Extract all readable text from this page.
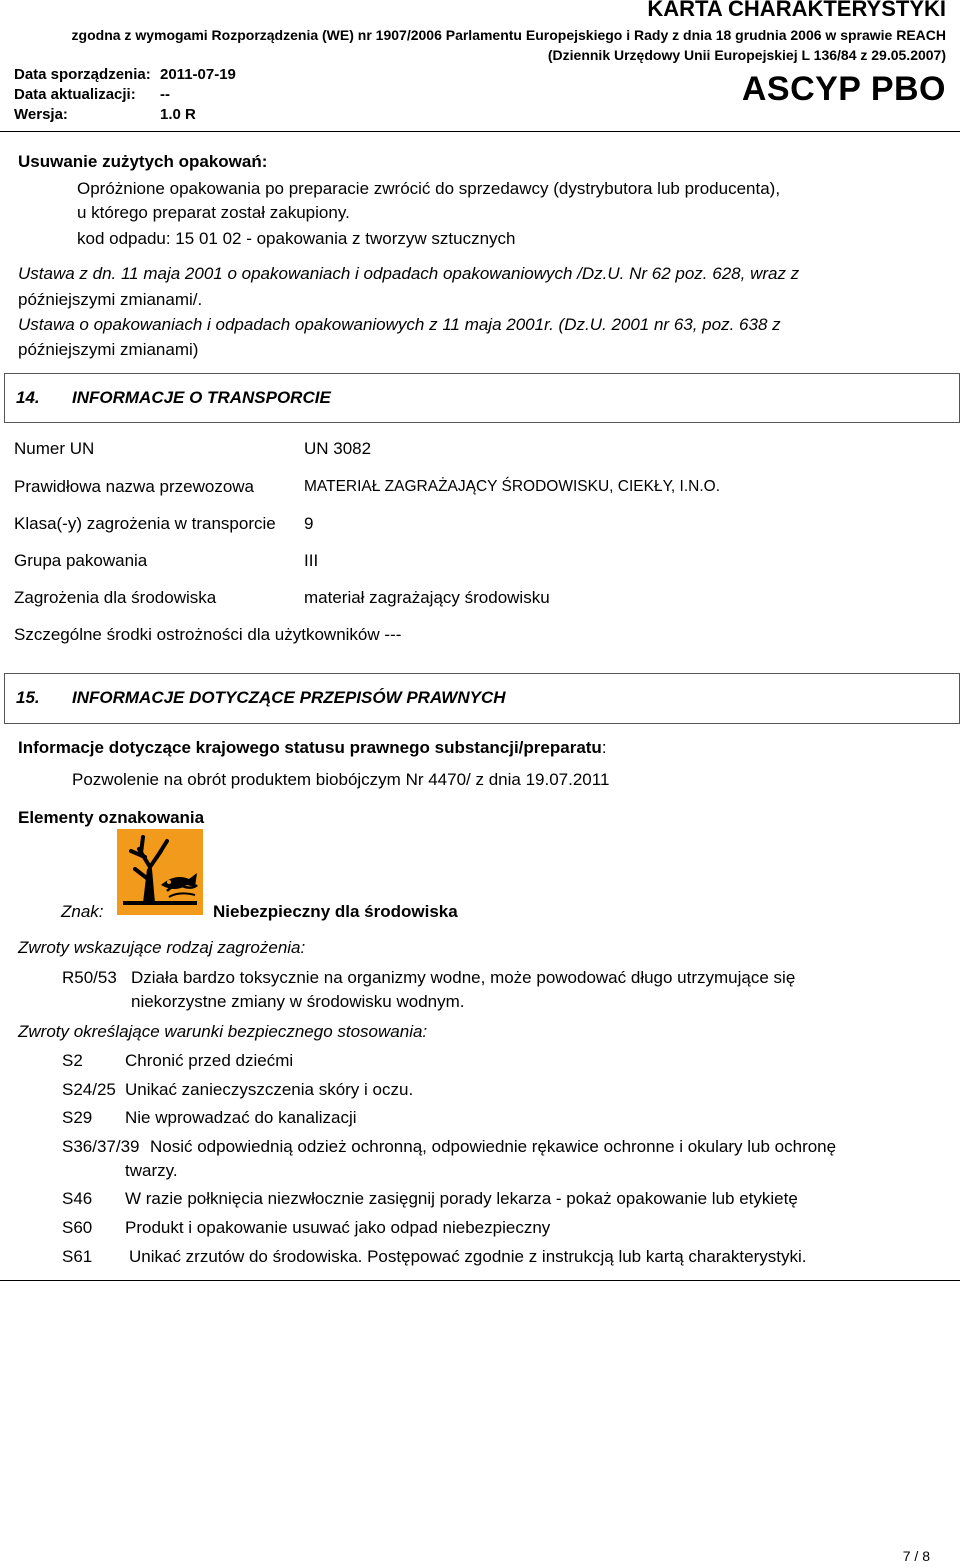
KARTA CHARAKTERYSTYKI
zgodna z wymogami Rozporządzenia (WE) nr 1907/2006 Parlamentu Europejskiego i Rady z dnia 18 grudnia 2006 w sprawie REACH
(Dziennik Urzędowy Unii Europejskiej L 136/84 z 29.05.2007)
Data sporządzenia: 2011-07-19
Data aktualizacji: --
Wersja:	1.0 R
ASCYP PBO
Usuwanie zużytych opakowań:
Opróżnione opakowania po preparacie zwrócić do sprzedawcy (dystrybutora lub producenta),
u którego preparat został zakupiony.
kod odpadu: 15 01 02 - opakowania z tworzyw sztucznych
Ustawa z dn. 11 maja 2001 o opakowaniach i odpadach opakowaniowych /Dz.U. Nr 62 poz. 628, wraz z
późniejszymi zmianami/.
Ustawa o opakowaniach i odpadach opakowaniowych z 11 maja 2001r. (Dz.U. 2001 nr 63, poz. 638 z
późniejszymi zmianami)
14. INFORMACJE O TRANSPORCIE
Numer UN	UN 3082
Prawidłowa nazwa przewozowa	MATERIAŁ ZAGRAŻAJĄCY ŚRODOWISKU, CIEKŁY, I.N.O.
Klasa(-y) zagrożenia w transporcie 9
Grupa pakowania	III
Zagrożenia dla środowiska	materiał zagrażający środowisku
Szczególne środki ostrożności dla użytkowników ---
15. INFORMACJE DOTYCZĄCE PRZEPISÓW PRAWNYCH
Informacje dotyczące krajowego statusu prawnego substancji/preparatu:
Pozwolenie na obrót produktem biobójczym Nr 4470/ z dnia 19.07.2011
Elementy oznakowania
Znak:	Niebezpieczny dla środowiska
Zwroty wskazujące rodzaj zagrożenia:
R50/53 Działa bardzo toksycznie na organizmy wodne, może powodować długo utrzymujące się
niekorzystne zmiany w środowisku wodnym.
Zwroty określające warunki bezpiecznego stosowania:
S2 Chronić przed dziećmi
S24/25 Unikać zanieczyszczenia skóry i oczu.
S29 Nie wprowadzać do kanalizacji
S36/37/39 Nosić odpowiednią odzież ochronną, odpowiednie rękawice ochronne i okulary lub ochronę
twarzy.
S46 W razie połknięcia niezwłocznie zasięgnij porady lekarza - pokaż opakowanie lub etykietę
S60 Produkt i opakowanie usuwać jako odpad niebezpieczny
S61 Unikać zrzutów do środowiska. Postępować zgodnie z instrukcją lub kartą charakterystyki.
7 / 8
